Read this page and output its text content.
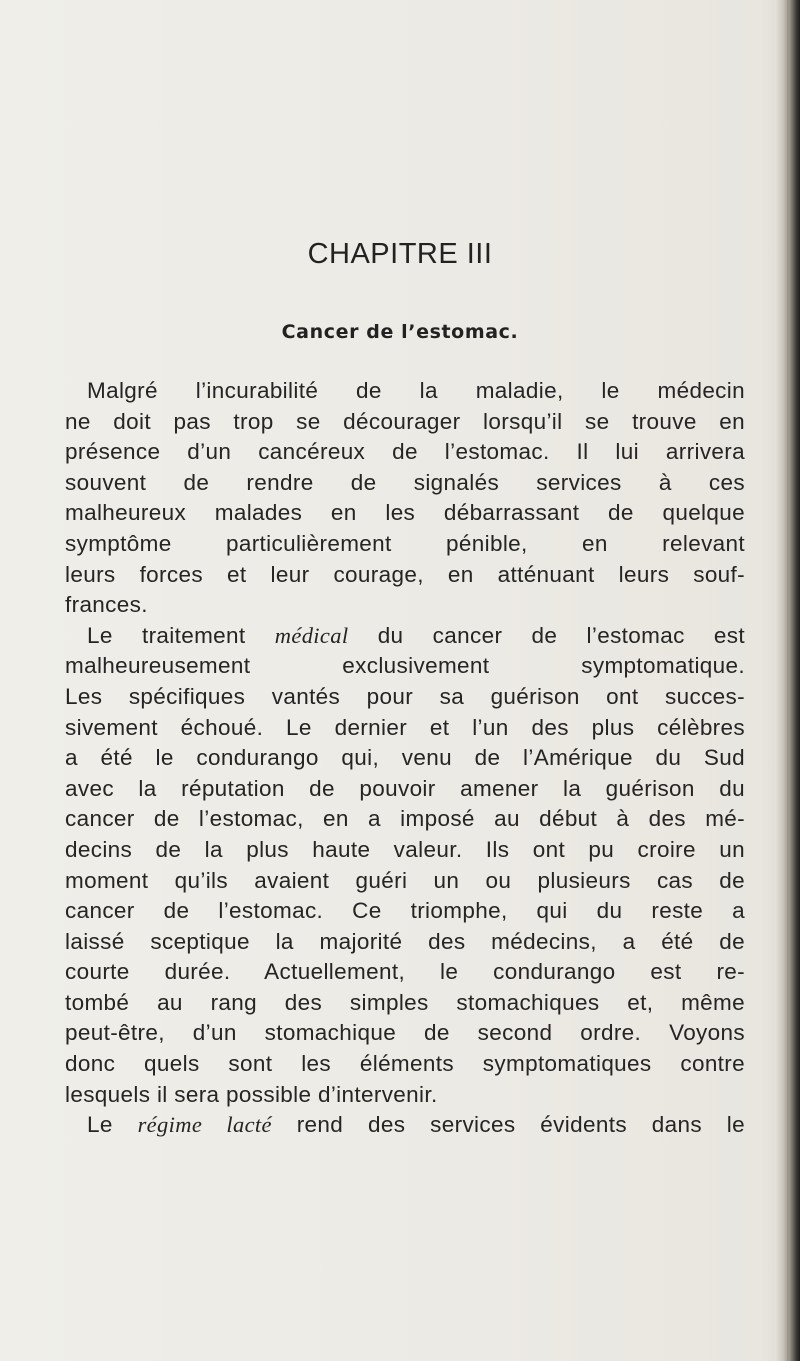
CHAPITRE III
Cancer de l’estomac.
Malgré l’incurabilité de la maladie, le médecin
ne doit pas trop se décourager lorsqu’il se trouve en
présence d’un cancéreux de l’estomac. Il lui arrivera
souvent de rendre de signalés services à ces
malheureux malades en les débarrassant de quelque
symptôme particulièrement pénible, en relevant
leurs forces et leur courage, en atténuant leurs souf-
frances.
Le traitement médical du cancer de l’estomac est
malheureusement exclusivement symptomatique.
Les spécifiques vantés pour sa guérison ont succes-
sivement échoué. Le dernier et l’un des plus célèbres
a été le condurango qui, venu de l’Amérique du Sud
avec la réputation de pouvoir amener la guérison du
cancer de l’estomac, en a imposé au début à des mé-
decins de la plus haute valeur. Ils ont pu croire un
moment qu’ils avaient guéri un ou plusieurs cas de
cancer de l’estomac. Ce triomphe, qui du reste a
laissé sceptique la majorité des médecins, a été de
courte durée. Actuellement, le condurango est re-
tombé au rang des simples stomachiques et, même
peut-être, d’un stomachique de second ordre. Voyons
donc quels sont les éléments symptomatiques contre
lesquels il sera possible d’intervenir.
Le régime lacté rend des services évidents dans le
